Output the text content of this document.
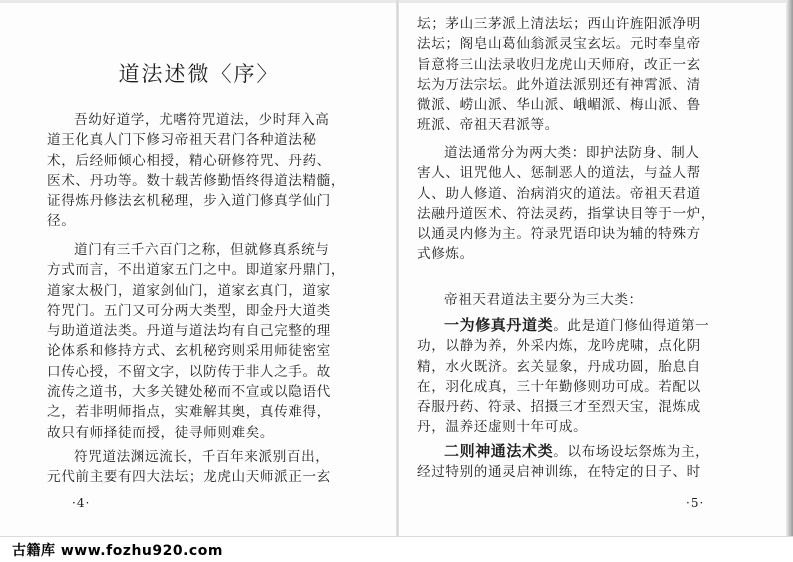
道法述微〈序〉

吾幼好道学，尤嗜符咒道法，少时拜入高
道王化真人门下修习帝祖天君门各种道法秘
术，后经师倾心相授，精心研修符咒、丹药、
医术、丹功等。数十载苦修勤悟终得道法精髓，
证得炼丹修法玄机秘理，步入道门修真学仙门
径。

道门有三千六百门之称，但就修真系统与
方式而言，不出道家五门之中。即道家丹鼎门，
道家太极门，道家剑仙门，道家玄真门，道家
符咒门。五门又可分两大类型，即金丹大道类
与助道道法类。丹道与道法均有自己完整的理
论体系和修持方式、玄机秘窍则采用师徒密室
口传心授，不留文字，以防传于非人之手。故
流传之道书，大多关键处秘而不宣或以隐语代
之，若非明师指点，实难解其奥，真传难得，
故只有师择徒而授，徒寻师则难矣。

符咒道法渊远流长，千百年来派别百出，
元代前主要有四大法坛；龙虎山天师派正一玄

·4·

坛；茅山三茅派上清法坛；西山许旌阳派净明
法坛；阁皂山葛仙翁派灵宝玄坛。元时奉皇帝
旨意将三山法录收归龙虎山天师府，改正一玄
坛为万法宗坛。此外道法派别还有神霄派、清
微派、崂山派、华山派、峨嵋派、梅山派、鲁
班派、帝祖天君派等。

道法通常分为两大类：即护法防身、制人
害人、诅咒他人、惩制恶人的道法，与益人帮
人、助人修道、治病消灾的道法。帝祖天君道
法融丹道医术、符法灵药，指掌诀目等于一炉，
以通灵内修为主。符录咒语印诀为辅的特殊方
式修炼。

帝祖天君道法主要分为三大类：

一为修真丹道类。此是道门修仙得道第一
功，以静为养，外采内炼，龙吟虎啸，点化阴
精，水火既济。玄关显象，丹成功圆，胎息自
在，羽化成真，三十年勤修则功可成。若配以
吞服丹药、符录、招摄三才至烈天宝，混炼成
丹，温养还虚则十年可成。

二则神通法术类。以布场设坛祭炼为主，
经过特别的通灵启神训练，在特定的日子、时

·5·
古籍库 www.fozhu920.com
